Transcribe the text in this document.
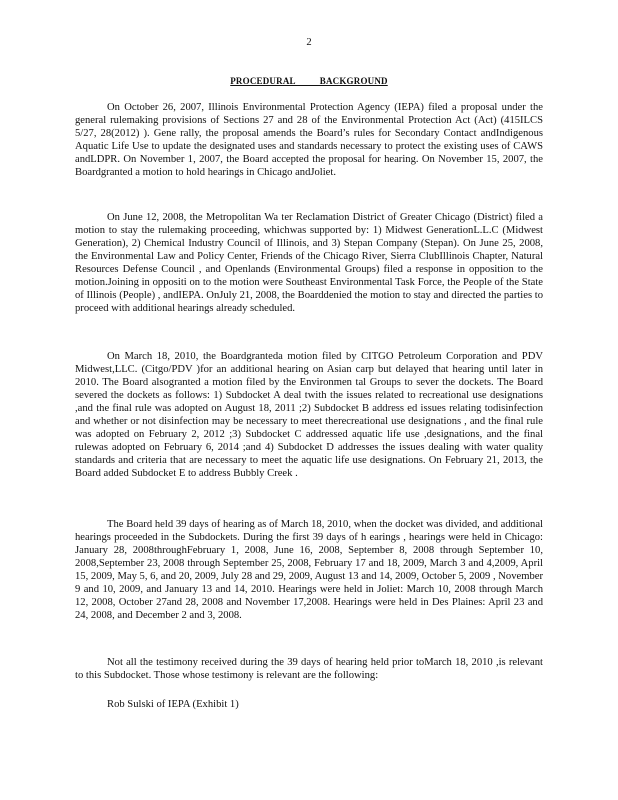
2
PROCEDURAL          BACKGROUND

On October 26, 2007, Illinois Environmental Protection Agency (IEPA) filed a proposal under the general rulemaking provisions of Sections 27 and 28 of the Environmental Protection Act (Act) (415ILCS 5/27, 28(2012) ). Gene rally, the proposal amends the Board’s rules for Secondary Contact andIndigenous Aquatic Life Use to update the designated uses and standards necessary to protect the existing uses of CAWS andLDPR. On November 1, 2007, the Board accepted the proposal for hearing. On November 15, 2007, the Boardgranted a motion to hold hearings in Chicago andJoliet.

On June 12, 2008, the Metropolitan Wa ter Reclamation District of Greater Chicago (District) filed a motion to stay the rulemaking proceeding, whichwas supported by: 1) Midwest GenerationL.L.C (Midwest Generation), 2) Chemical Industry Council of Illinois, and 3) Stepan Company (Stepan). On June 25, 2008, the Environmental Law and Policy Center, Friends of the Chicago River, Sierra ClubIllinois Chapter, Natural Resources Defense Council , and Openlands (Environmental Groups) filed a response in opposition to the motion.Joining in oppositi on to the motion were Southeast Environmental Task Force, the People of the State of Illinois (People) , andIEPA. OnJuly 21, 2008, the Boarddenied the motion to stay and directed the parties to proceed with additional hearings already scheduled.

On March 18, 2010, the Boardgranteda motion filed by CITGO Petroleum Corporation and PDV Midwest,LLC. (Citgo/PDV )for an additional hearing on Asian carp but delayed that hearing until later in 2010. The Board alsogranted a motion filed by the Environmen tal Groups to sever the dockets. The Board severed the dockets as follows: 1) Subdocket A deal twith the issues related to recreational use designations ,and the final rule was adopted on August 18, 2011 ;2) Subdocket B address ed issues relating todisinfection and whether or not disinfection may be necessary to meet therecreational use designations , and the final rule was adopted on February 2, 2012 ;3) Subdocket C addressed aquatic life use ,designations, and the final rulewas adopted on February 6, 2014 ;and 4) Subdocket D addresses the issues dealing with water quality standards and criteria that are necessary to meet the aquatic life use designations. On February 21, 2013, the Board added Subdocket E to address Bubbly Creek .

The Board held 39 days of hearing as of March 18, 2010, when the docket was divided, and additional hearings proceeded in the Subdockets. During the first 39 days of h earings , hearings were held in Chicago: January 28, 2008throughFebruary 1, 2008, June 16, 2008, September 8, 2008 through September 10, 2008,September 23, 2008 through September 25, 2008, February 17 and 18, 2009, March 3 and 4,2009, April 15, 2009, May 5, 6, and 20, 2009, July 28 and 29, 2009, August 13 and 14, 2009, October 5, 2009 , November 9 and 10, 2009, and January 13 and 14, 2010. Hearings were held in Joliet: March 10, 2008 through March 12, 2008, October 27and 28, 2008 and November 17,2008. Hearings were held in Des Plaines: April 23 and 24, 2008, and December 2 and 3, 2008.

Not all the testimony received during the 39 days of hearing held prior toMarch 18, 2010 ,is relevant to this Subdocket. Those whose testimony is relevant are the following:

Rob Sulski of IEPA (Exhibit 1)
